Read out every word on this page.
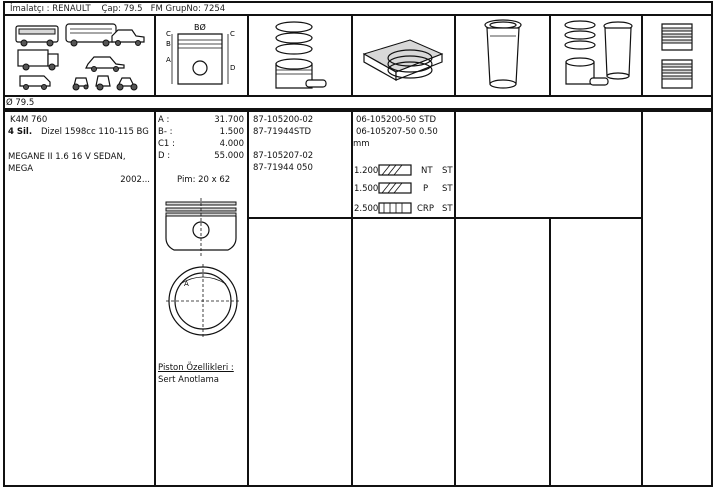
İmalatçı : RENAULT Çap: 79.5 FM GrupNo: 7254
BØ
C
B
A
C
D
Ø 79.5
K4M 760
4 Sil. Dizel 1598cc 110-115 BG
MEGANE II 1.6 16 V SEDAN, MEGA
2002...
A :	31.700
B- :	1.500
C1 :	4.000
D :	55.000
Pim: 20 x 62
A
Piston Özellikleri :
Sert Anotlama
87-105200-02
87-71944STD
87-105207-02
87-71944 050
06-105200-50 STD
06-105207-50 0.50
mm
1.200	NT ST
1.500	P ST
2.500	CRP ST
